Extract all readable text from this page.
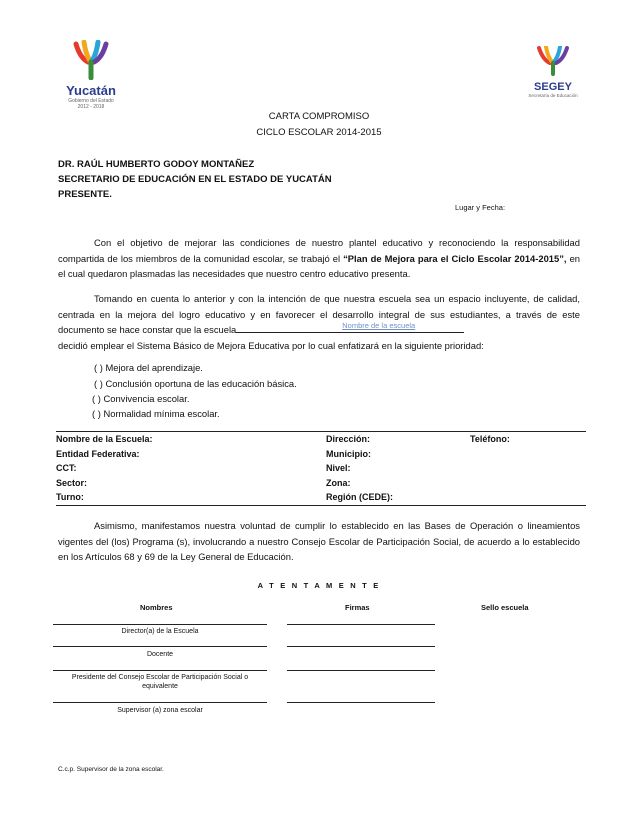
Yucatán
Gobierno del Estado
2012 - 2018
SEGEY
Secretaría de Educación
CARTA COMPROMISO
CICLO ESCOLAR 2014-2015
DR. RAÚL HUMBERTO GODOY MONTAÑEZ
SECRETARIO DE EDUCACIÓN EN EL ESTADO DE YUCATÁN
PRESENTE.
Lugar y Fecha:
Con el objetivo de mejorar las condiciones de nuestro plantel educativo y reconociendo la responsabilidad compartida de los miembros de la comunidad escolar, se trabajó el “Plan de Mejora para el Ciclo Escolar 2014-2015”, en el cual quedaron plasmadas las necesidades que nuestro centro educativo presenta.
Tomando en cuenta lo anterior y con la intención de que nuestra escuela sea un espacio incluyente, de calidad, centrada en la mejora del logro educativo y en favorecer el desarrollo integral de sus estudiantes, a través de este documento se hace constar que la escuela	Nombre de la escuela

decidió emplear el Sistema Básico de Mejora Educativa por lo cual enfatizará en la siguiente prioridad:
( ) Mejora del aprendizaje.
( ) Conclusión oportuna de las educación básica.
( ) Convivencia escolar.
( ) Normalidad mínima escolar.
Nombre de la Escuela:	Dirección:	Teléfono:
Entidad Federativa:	Municipio:
CCT:	Nivel:
Sector:	Zona:
Turno:	Región (CEDE):
Asimismo, manifestamos nuestra voluntad de cumplir lo establecido en las Bases de Operación o lineamientos vigentes del (los) Programa (s), involucrando a nuestro Consejo Escolar de Participación Social, de acuerdo a lo establecido en los Artículos 68 y 69 de la Ley General de Educación.
A T E N T A M E N T E
Nombres	Firmas	Sello escuela
Director(a) de la Escuela
Docente
Presidente del Consejo Escolar de Participación Social o equivalente
Supervisor (a) zona escolar
C.c.p. Supervisor de la zona escolar.
